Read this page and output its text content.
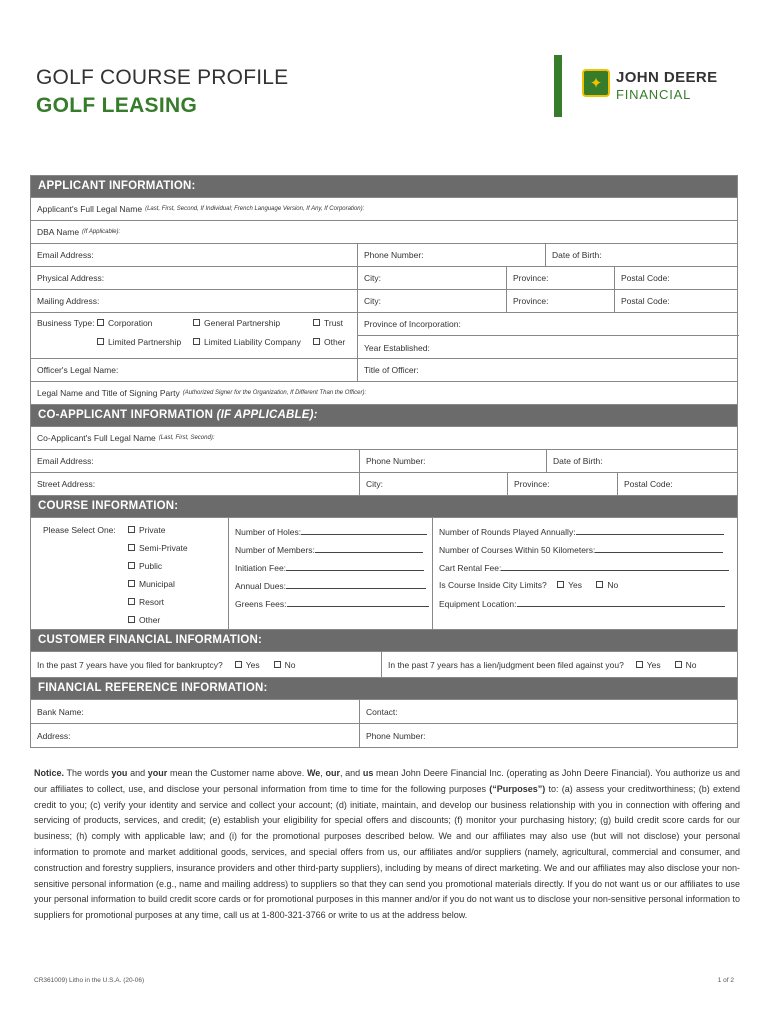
GOLF COURSE PROFILE
GOLF LEASING
✦ JOHN DEERE
FINANCIAL
APPLICANT INFORMATION:
Applicant's Full Legal Name (Last, First, Second, If Individual; French Language Version, If Any, If Corporation):
DBA Name (If Applicable):
Email Address:	Phone Number:	Date of Birth:
Physical Address:	City:	Province:	Postal Code:
Mailing Address:	City:	Province:	Postal Code:
Business Type:	Corporation	General Partnership	Trust
Limited Partnership	Limited Liability Company	Other
Province of Incorporation:
Year Established:
Officer's Legal Name:	Title of Officer:
Legal Name and Title of Signing Party (Authorized Signer for the Organization, If Different Than the Officer):
CO-APPLICANT INFORMATION (IF APPLICABLE):
Co-Applicant's Full Legal Name (Last, First, Second):
Email Address:	Phone Number:	Date of Birth:
Street Address:	City:	Province:	Postal Code:
COURSE INFORMATION:
Please Select One:	Private
Semi-Private
Public
Municipal
Resort
Other
Number of Holes:
Number of Members:
Initiation Fee:
Annual Dues:
Greens Fees:
Number of Rounds Played Annually:
Number of Courses Within 50 Kilometers:
Cart Rental Fee:
Is Course Inside City Limits?	Yes	No
Equipment Location:
CUSTOMER FINANCIAL INFORMATION:
In the past 7 years have you filed for bankruptcy?	Yes	No	In the past 7 years has a lien/judgment been filed against you?	Yes	No
FINANCIAL REFERENCE INFORMATION:
Bank Name:	Contact:
Address:	Phone Number:
Notice. The words you and your mean the Customer name above. We, our, and us mean John Deere Financial Inc. (operating as John Deere Financial). You authorize us and our affiliates to collect, use, and disclose your personal information from time to time for the following purposes (“Purposes”) to: (a) assess your creditworthiness; (b) extend credit to you; (c) verify your identity and service and collect your account; (d) initiate, maintain, and develop our business relationship with you in connection with offering and servicing of products, services, and credit; (e) establish your eligibility for special offers and discounts; (f) monitor your purchasing history; (g) build credit score cards for our business; (h) comply with applicable law; and (i) for the promotional purposes described below. We and our affiliates may also use (but will not disclose) your personal information to promote and market additional goods, services, and special offers from us, our affiliates and/or suppliers (namely, agricultural, commercial and consumer, and construction and forestry suppliers, insurance providers and other third-party suppliers), including by means of direct marketing. We and our affiliates may also disclose your non-sensitive personal information (e.g., name and mailing address) to suppliers so that they can send you promotional materials directly. If you do not want us or our affiliates to use your personal information to build credit score cards or for promotional purposes in this manner and/or if you do not want us to disclose your non-sensitive personal information to suppliers for promotional purposes at any time, call us at 1-800-321-3766 or write to us at the address below.
CR361009) Litho in the U.S.A. (20-06)	1 of 2
